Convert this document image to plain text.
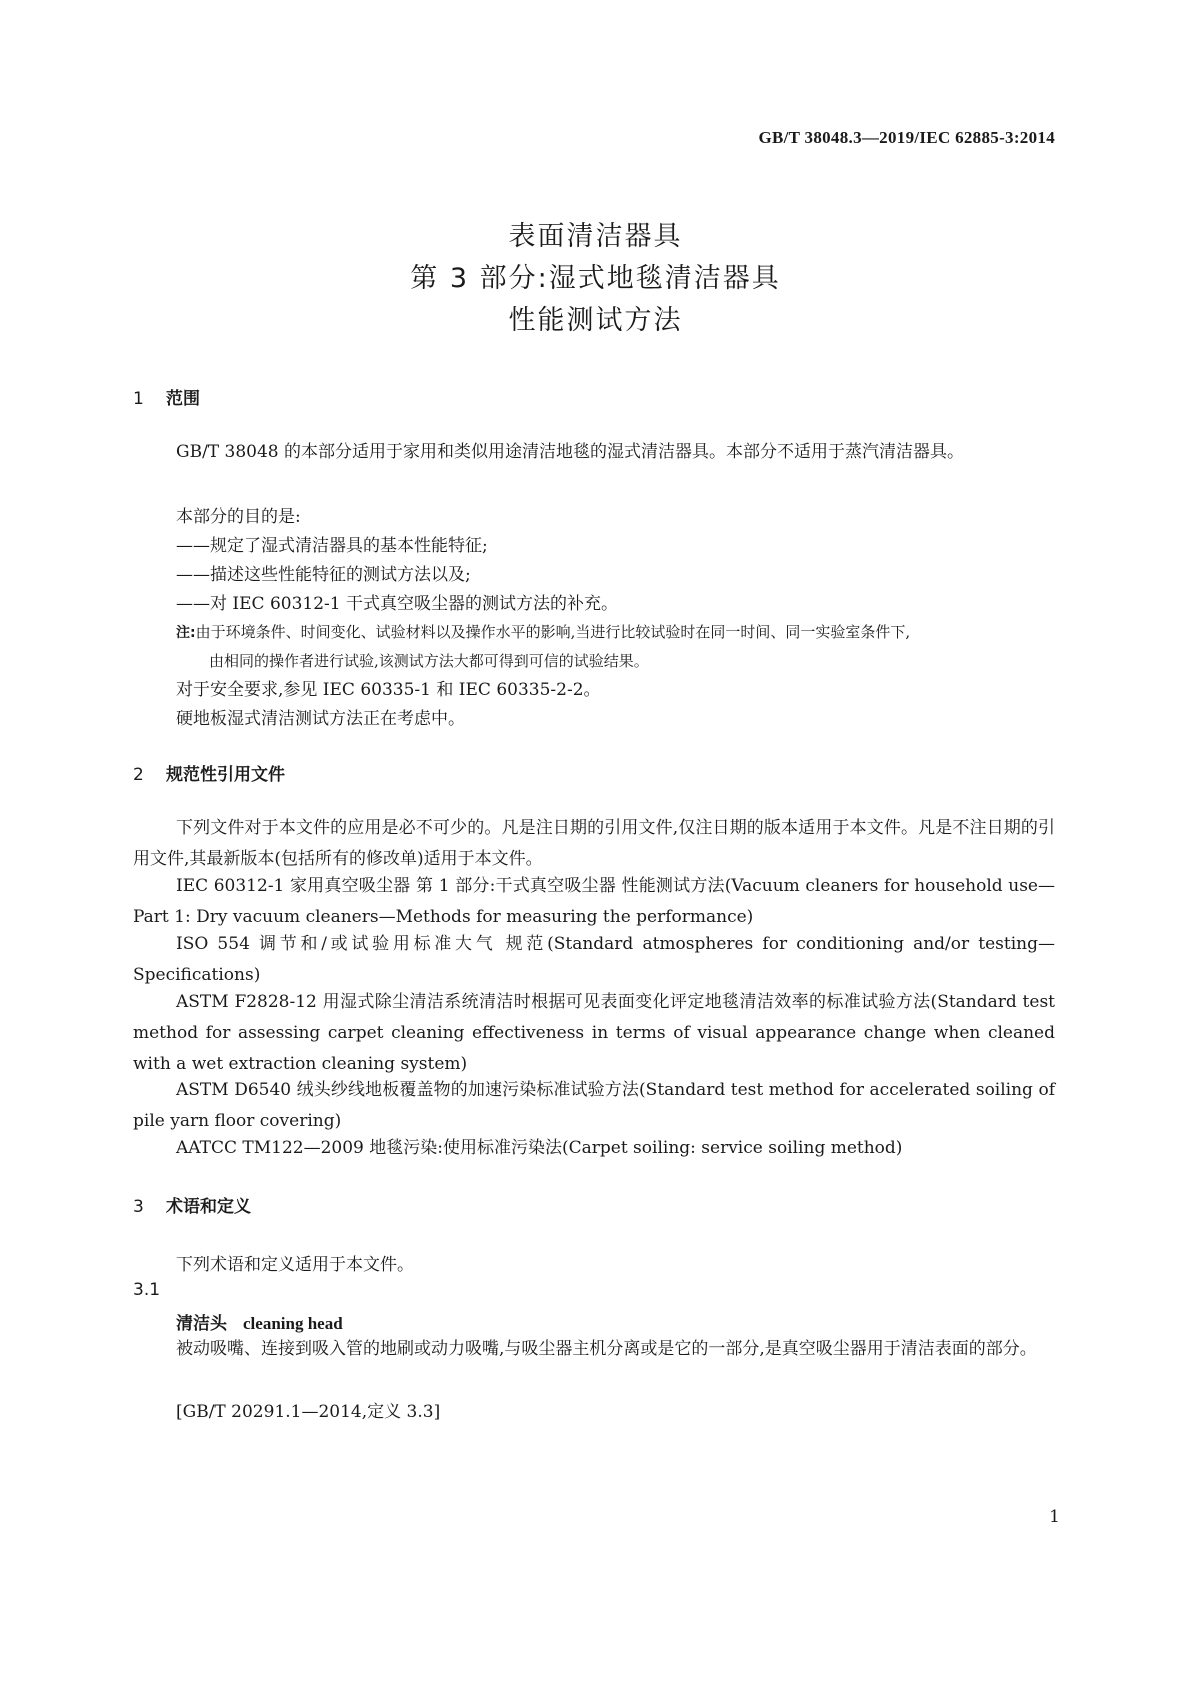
GB/T 38048.3—2019/IEC 62885-3:2014
表面清洁器具
第 3 部分:湿式地毯清洁器具
性能测试方法
1 范围
GB/T 38048 的本部分适用于家用和类似用途清洁地毯的湿式清洁器具。本部分不适用于蒸汽清洁器具。
本部分的目的是:
——规定了湿式清洁器具的基本性能特征;
——描述这些性能特征的测试方法以及;
——对 IEC 60312-1 干式真空吸尘器的测试方法的补充。
注:由于环境条件、时间变化、试验材料以及操作水平的影响,当进行比较试验时在同一时间、同一实验室条件下,
由相同的操作者进行试验,该测试方法大都可得到可信的试验结果。
对于安全要求,参见 IEC 60335-1 和 IEC 60335-2-2。
硬地板湿式清洁测试方法正在考虑中。
2 规范性引用文件
下列文件对于本文件的应用是必不可少的。凡是注日期的引用文件,仅注日期的版本适用于本文件。凡是不注日期的引用文件,其最新版本(包括所有的修改单)适用于本文件。
IEC 60312-1 家用真空吸尘器 第 1 部分:干式真空吸尘器 性能测试方法(Vacuum cleaners for household use—Part 1: Dry vacuum cleaners—Methods for measuring the performance)
ISO 554 调节和/或试验用标准大气 规范(Standard atmospheres for conditioning and/or testing—Specifications)
ASTM F2828-12 用湿式除尘清洁系统清洁时根据可见表面变化评定地毯清洁效率的标准试验方法(Standard test method for assessing carpet cleaning effectiveness in terms of visual appearance change when cleaned with a wet extraction cleaning system)
ASTM D6540 绒头纱线地板覆盖物的加速污染标准试验方法(Standard test method for accelerated soiling of pile yarn floor covering)
AATCC TM122—2009 地毯污染:使用标准污染法(Carpet soiling: service soiling method)
3 术语和定义
下列术语和定义适用于本文件。
3.1
清洁头 cleaning head
被动吸嘴、连接到吸入管的地刷或动力吸嘴,与吸尘器主机分离或是它的一部分,是真空吸尘器用于清洁表面的部分。
[GB/T 20291.1—2014,定义 3.3]
1
